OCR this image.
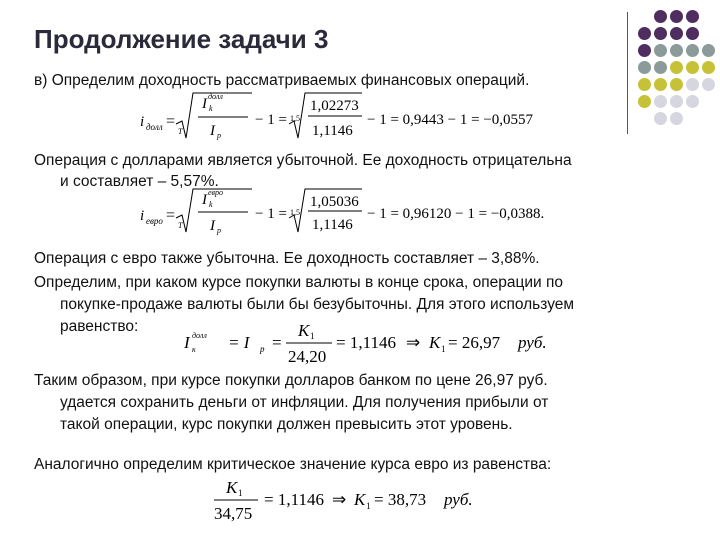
Продолжение задачи 3
в) Определим доходность рассматриваемых финансовых операций.
i долл =
T
I долл
k
I p
− 1 = 1,5
1,02273
1,1146
− 1 = 0,9443 − 1 = −0,0557
Операция с долларами является убыточной. Ее доходность отрицательна
и составляет – 5,57%.
i евро =
T
I евро
k
I p
− 1 = 1,5
1,05036
1,1146
− 1 = 0,96120 − 1 = −0,0388.
Операция с евро также убыточна. Ее доходность составляет – 3,88%.
Определим, при каком курсе покупки валюты в конце срока, операции по
покупке-продаже валюты были бы безубыточны. Для этого используем
равенство:
I долл
к = I p =
K 1
24,20
= 1,1146 ⇒ K 1 = 26,97 руб.
Таким образом, при курсе покупки долларов банком по цене 26,97 руб.
удается сохранить деньги от инфляции. Для получения прибыли от
такой операции, курс покупки должен превысить этот уровень.
Аналогично определим критическое значение курса евро из равенства:
K 1
34,75
= 1,1146 ⇒ K 1 = 38,73 руб.
